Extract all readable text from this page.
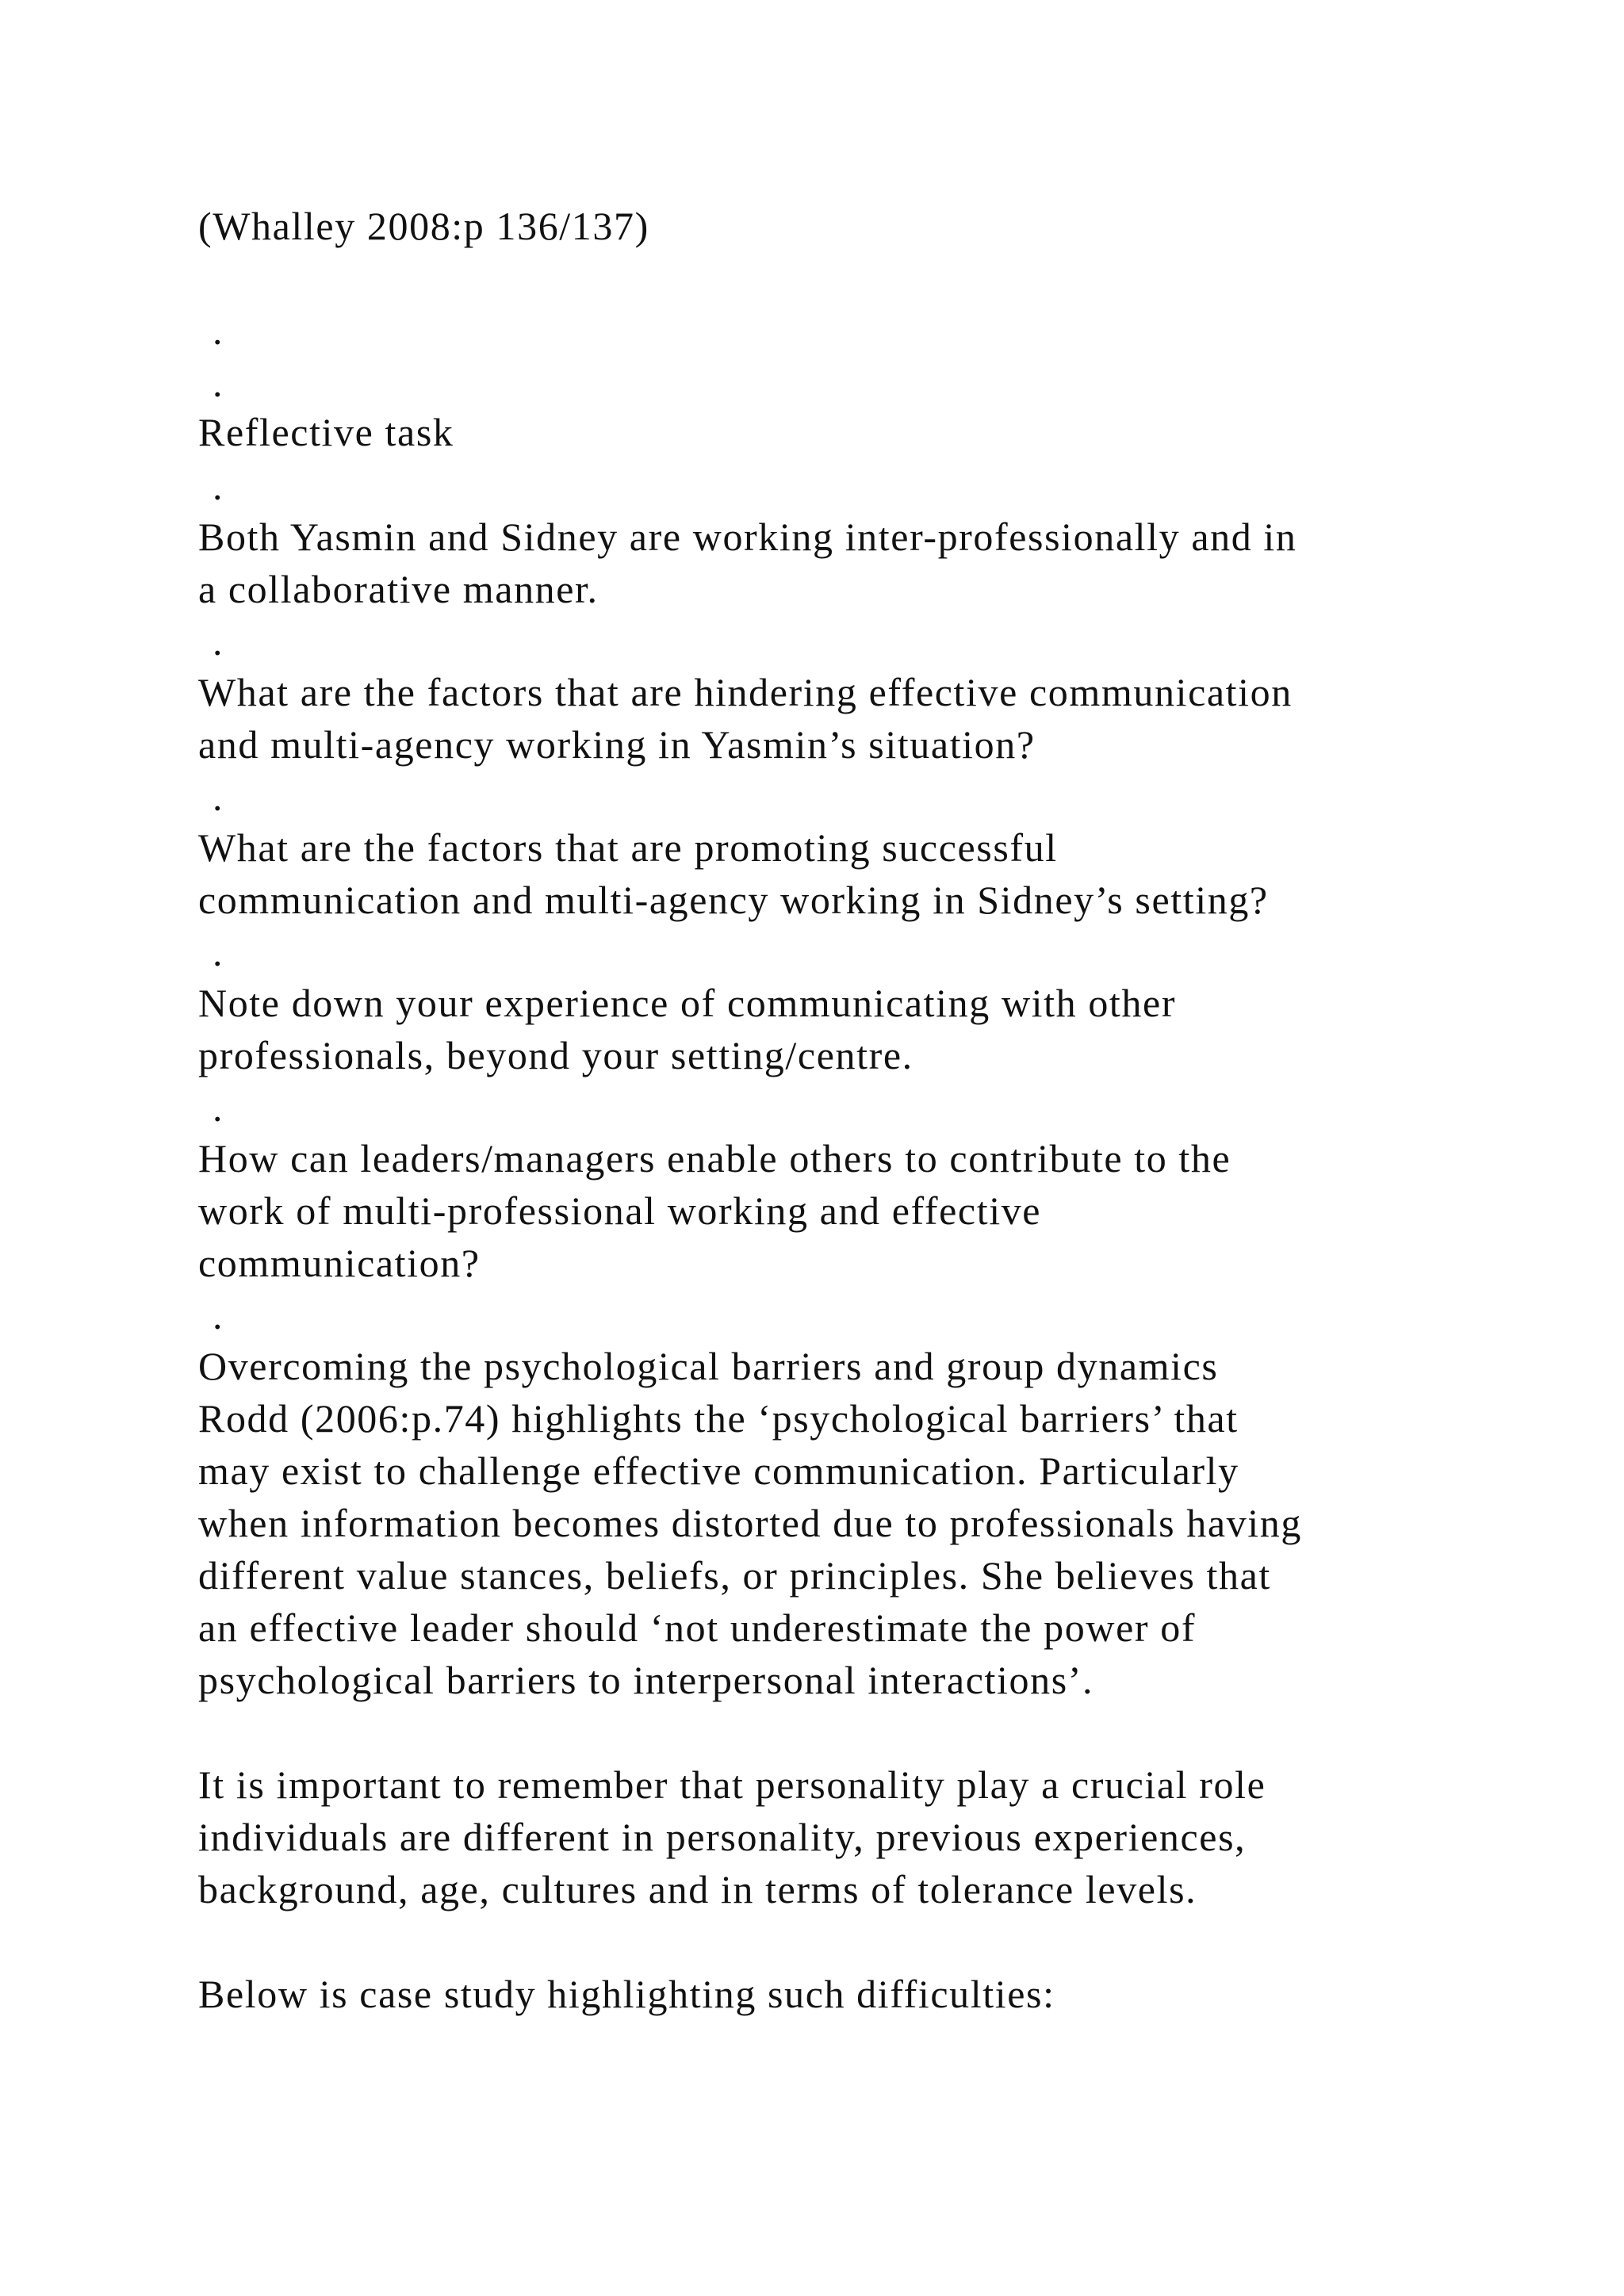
(Whalley 2008:p 136/137)
.
.
Reflective task
.
Both Yasmin and Sidney are working inter-professionally and in
a collaborative manner.
.
What are the factors that are hindering effective communication
and multi-agency working in Yasmin’s situation?
.
What are the factors that are promoting successful
communication and multi-agency working in Sidney’s setting?
.
Note down your experience of communicating with other
professionals, beyond your setting/centre.
.
How can leaders/managers enable others to contribute to the
work of multi-professional working and effective
communication?
.
Overcoming the psychological barriers and group dynamics
Rodd (2006:p.74) highlights the ‘psychological barriers’ that
may exist to challenge effective communication. Particularly
when information becomes distorted due to professionals having
different value stances, beliefs, or principles. She believes that
an effective leader should ‘not underestimate the power of
psychological barriers to interpersonal interactions’.
It is important to remember that personality play a crucial role
individuals are different in personality, previous experiences,
background, age, cultures and in terms of tolerance levels.
Below is case study highlighting such difficulties:
